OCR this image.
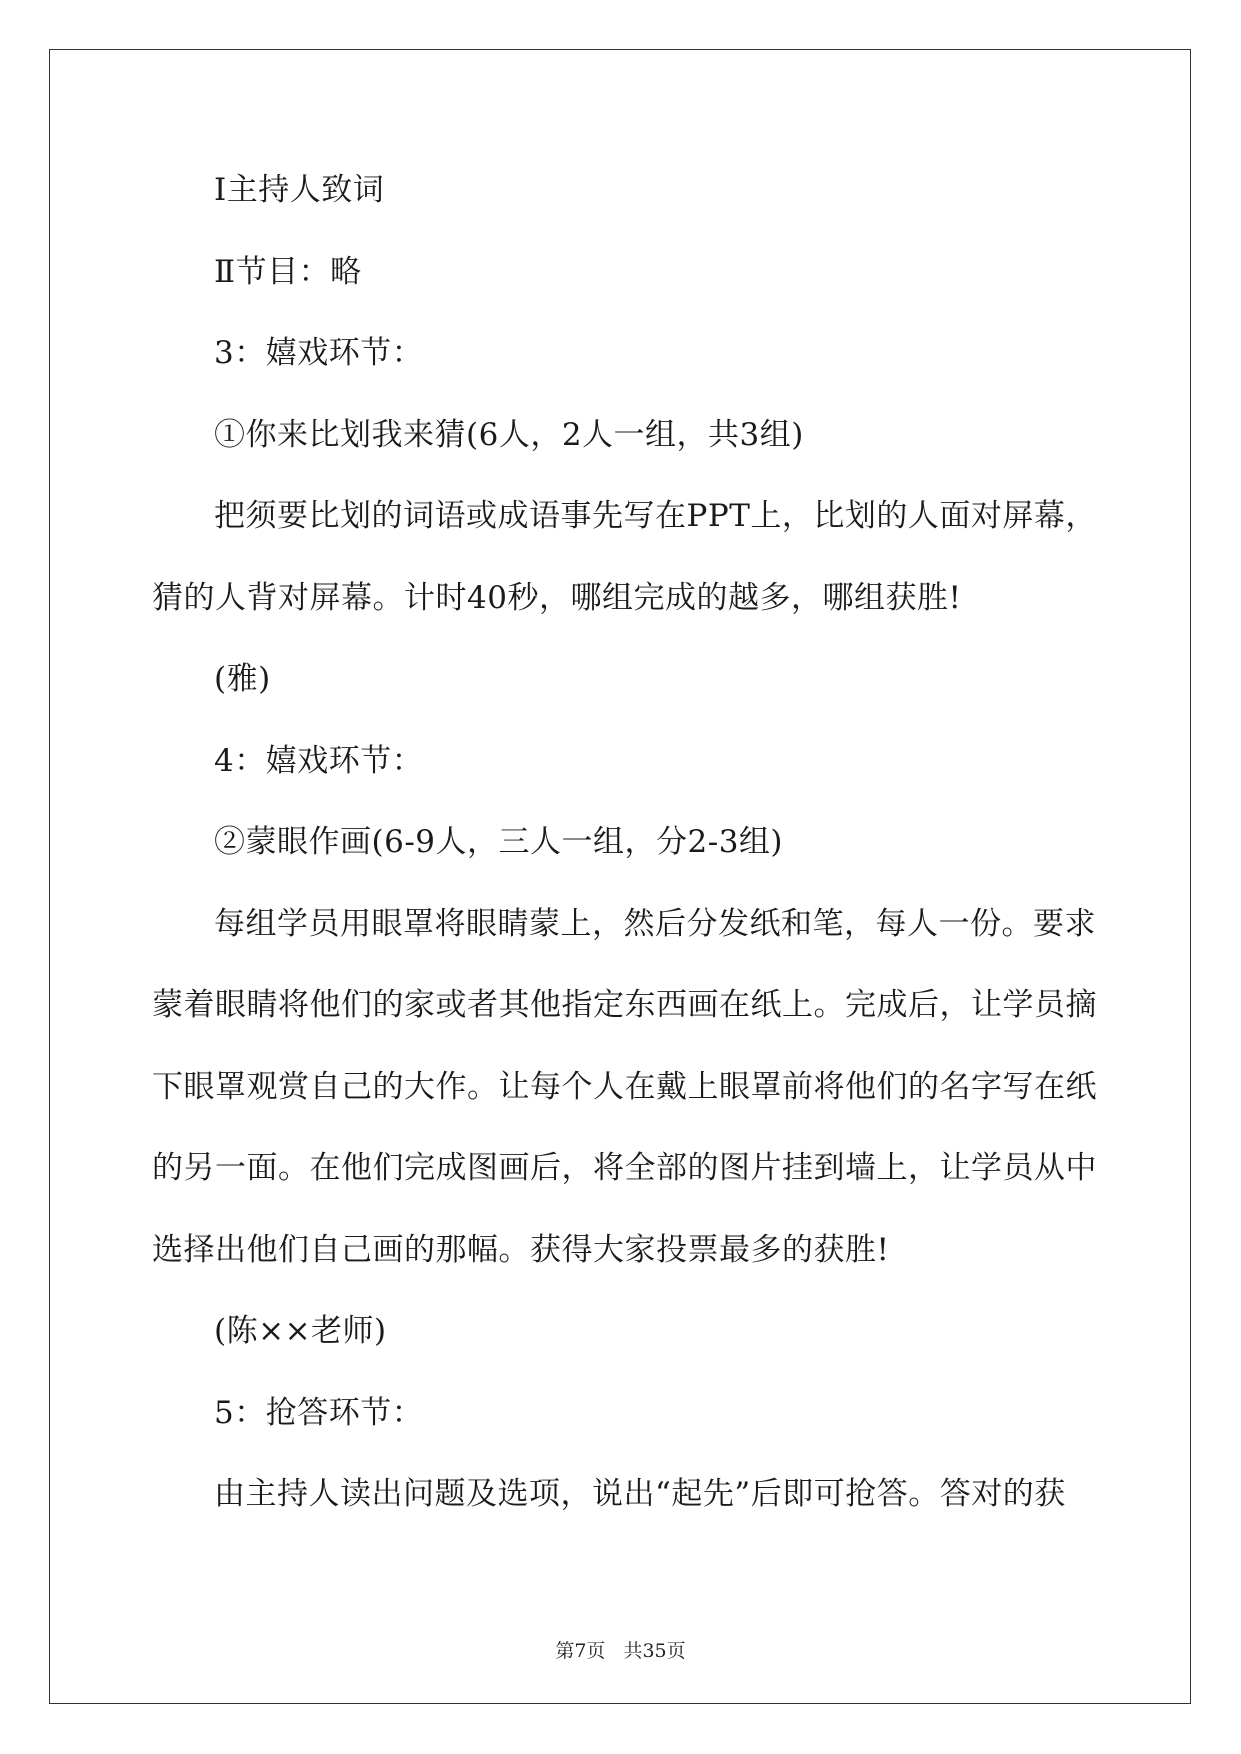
Ⅰ主持人致词
Ⅱ节目：略
3：嬉戏环节：
①你来比划我来猜(6人，2人一组，共3组)
把须要比划的词语或成语事先写在PPT上，比划的人面对屏幕，
猜的人背对屏幕。计时40秒，哪组完成的越多，哪组获胜!
(雅)
4：嬉戏环节：
②蒙眼作画(6-9人，三人一组，分2-3组)
每组学员用眼罩将眼睛蒙上，然后分发纸和笔，每人一份。要求
蒙着眼睛将他们的家或者其他指定东西画在纸上。完成后，让学员摘
下眼罩观赏自己的大作。让每个人在戴上眼罩前将他们的名字写在纸
的另一面。在他们完成图画后，将全部的图片挂到墙上，让学员从中
选择出他们自己画的那幅。获得大家投票最多的获胜!
(陈××老师)
5：抢答环节：
由主持人读出问题及选项，说出“起先”后即可抢答。答对的获
第7页 共35页
